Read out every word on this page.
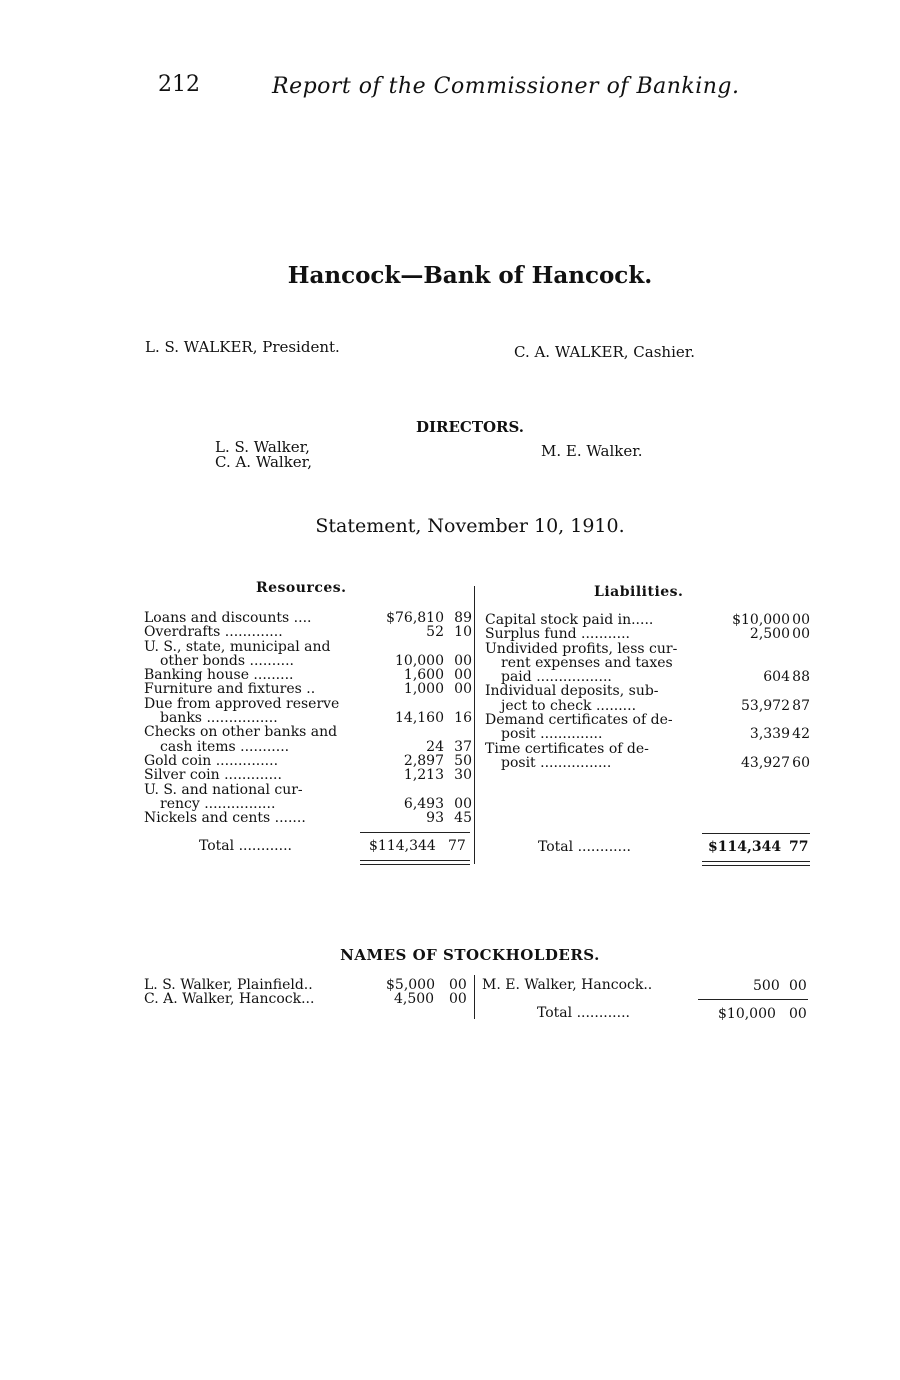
212	Report of the Commissioner of Banking.
Hancock—Bank of Hancock.
L. S. WALKER, President.	C. A. WALKER, Cashier.
DIRECTORS.
L. S. Walker,
C. A. Walker,
M. E. Walker.
Statement, November 10, 1910.
Resources.	Liabilities.
Loans and discounts ....	$76,810 89
Overdrafts .............	52 10
U. S., state, municipal and
other bonds ..........	10,000 00
Banking house .........	1,600 00
Furniture and fixtures ..	1,000 00
Due from approved reserve
banks ................	14,160 16
Checks on other banks and
cash items ...........	24 37
Gold coin ..............	2,897 50
Silver coin .............	1,213 30
U. S. and national cur-
rency ................	6,493 00
Nickels and cents .......	93 45
Capital stock paid in.....	$10,000 00
Surplus fund ...........	2,500 00
Undivided profits, less cur-
rent expenses and taxes
paid .................	604 88
Individual deposits, sub-
ject to check .........	53,972 87
Demand certificates of de-
posit ..............	3,339 42
Time certificates of de-
posit ................	43,927 60
Total ............	$114,344 77	Total ............	$114,344 77
NAMES OF STOCKHOLDERS.
L. S. Walker, Plainfield..	$5,000 00
C. A. Walker, Hancock...	4,500 00
M. E. Walker, Hancock..	500 00
Total ............	$10,000 00
